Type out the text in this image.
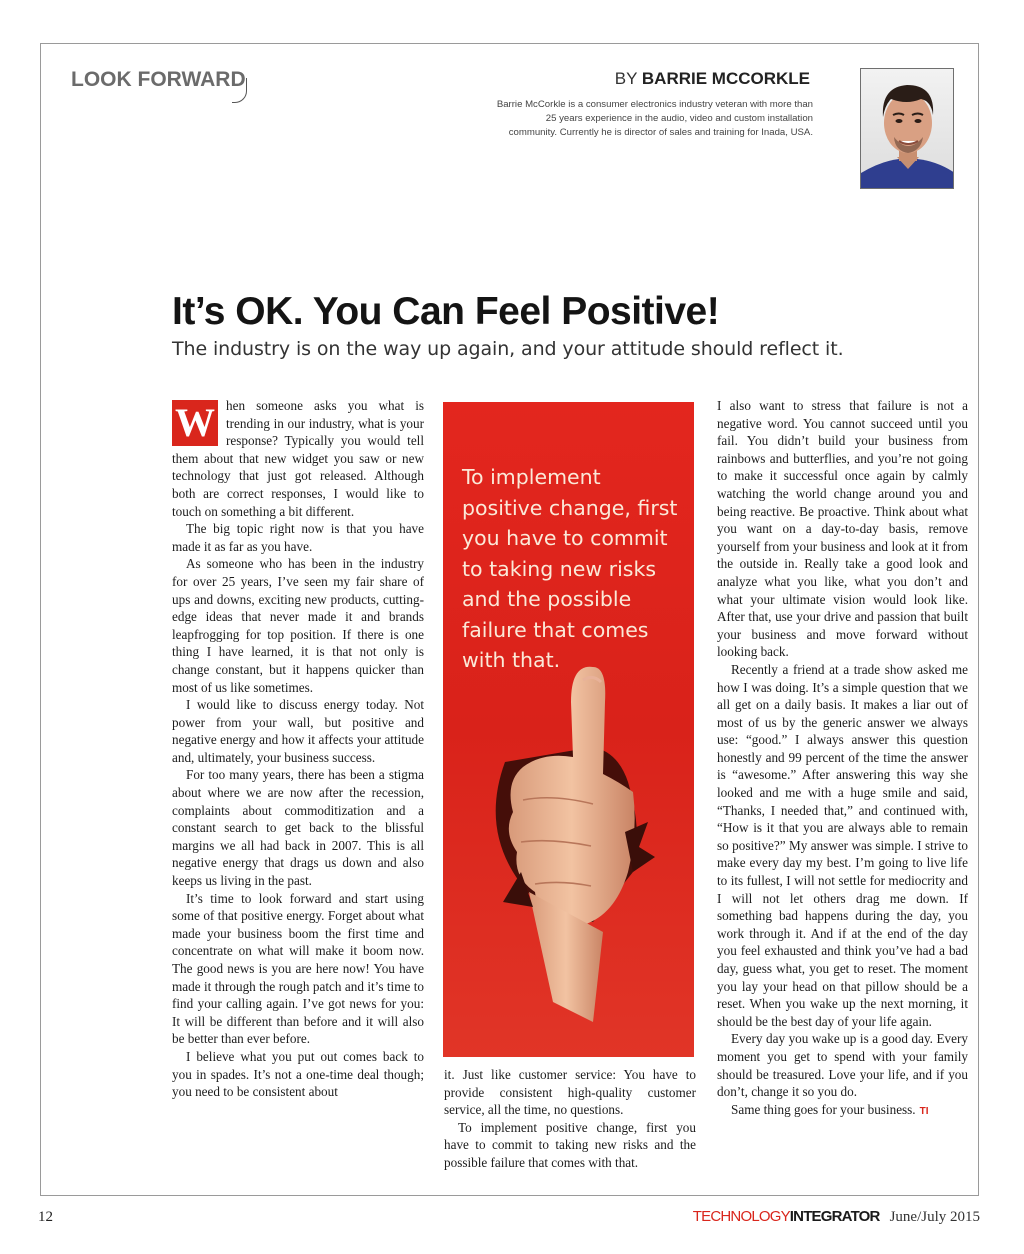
LOOK FORWARD	BY BARRIE MCCORKLE
Barrie McCorkle is a consumer electronics industry veteran with more than 25 years experience in the audio, video and custom installation community. Currently he is director of sales and training for Inada, USA.
It’s OK. You Can Feel Positive!
The industry is on the way up again, and your attitude should reflect it.

W hen someone asks you what is trending in our industry, what is your response? Typically you would tell them about that new widget you saw or new technology that just got released. Although both are correct responses, I would like to touch on something a bit different.

The big topic right now is that you have made it as far as you have.

As someone who has been in the industry for over 25 years, I’ve seen my fair share of ups and downs, exciting new products, cutting-edge ideas that never made it and brands leapfrogging for top position. If there is one thing I have learned, it is that not only is change constant, but it happens quicker than most of us like sometimes.

I would like to discuss energy today. Not power from your wall, but positive and negative energy and how it affects your attitude and, ultimately, your business success.

For too many years, there has been a stigma about where we are now after the recession, complaints about commoditization and a constant search to get back to the blissful margins we all had back in 2007. This is all negative energy that drags us down and also keeps us living in the past.

It’s time to look forward and start using some of that positive energy. Forget about what made your business boom the first time and concentrate on what will make it boom now. The good news is you are here now! You have made it through the rough patch and it’s time to find your calling again. I’ve got news for you: It will be different than before and it will also be better than ever before.

I believe what you put out comes back to you in spades. It’s not a one-time deal though; you need to be consistent about

To implement positive change, first you have to commit to taking new risks and the possible failure that comes with that.

it. Just like customer service: You have to provide consistent high-quality customer service, all the time, no questions.

To implement positive change, first you have to commit to taking new risks and the possible failure that comes with that.

I also want to stress that failure is not a negative word. You cannot succeed until you fail. You didn’t build your business from rainbows and butterflies, and you’re not going to make it successful once again by calmly watching the world change around you and being reactive. Be proactive. Think about what you want on a day-to-day basis, remove yourself from your business and look at it from the outside in. Really take a good look and analyze what you like, what you don’t and what your ultimate vision would look like. After that, use your drive and passion that built your business and move forward without looking back.

Recently a friend at a trade show asked me how I was doing. It’s a simple question that we all get on a daily basis. It makes a liar out of most of us by the generic answer we always use: “good.” I always answer this question honestly and 99 percent of the time the answer is “awesome.” After answering this way she looked and me with a huge smile and said, “Thanks, I needed that,” and continued with, “How is it that you are always able to remain so positive?” My answer was simple. I strive to make every day my best. I’m going to live life to its fullest, I will not settle for mediocrity and I will not let others drag me down. If something bad happens during the day, you work through it. And if at the end of the day you feel exhausted and think you’ve had a bad day, guess what, you get to reset. The moment you lay your head on that pillow should be a reset. When you wake up the next morning, it should be the best day of your life again.

Every day you wake up is a good day. Every moment you get to spend with your family should be treasured. Love your life, and if you don’t, change it so you do.

Same thing goes for your business. TI

12	TECHNOLOGYINTEGRATOR June/July 2015
